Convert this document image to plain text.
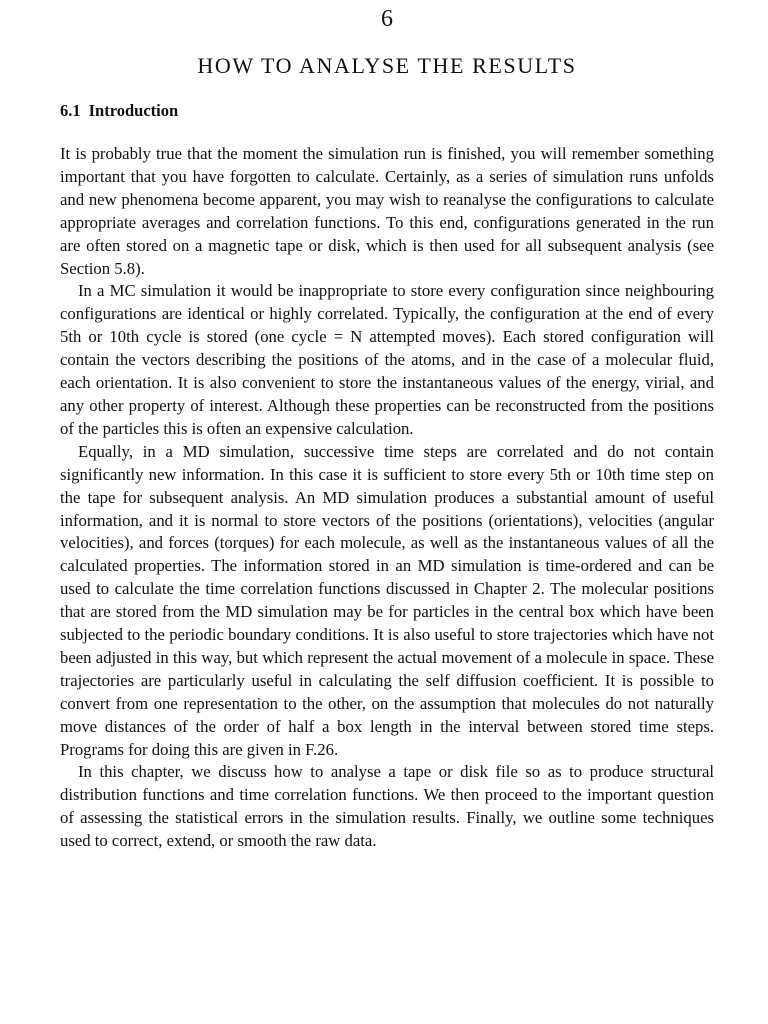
6
HOW TO ANALYSE THE RESULTS
6.1 Introduction

It is probably true that the moment the simulation run is finished, you will remember something important that you have forgotten to calculate. Certainly, as a series of simulation runs unfolds and new phenomena become apparent, you may wish to reanalyse the configurations to calculate appropriate averages and correlation functions. To this end, configurations generated in the run are often stored on a magnetic tape or disk, which is then used for all subsequent analysis (see Section 5.8).

In a MC simulation it would be inappropriate to store every configuration since neighbouring configurations are identical or highly correlated. Typically, the configuration at the end of every 5th or 10th cycle is stored (one cycle = N attempted moves). Each stored configuration will contain the vectors describing the positions of the atoms, and in the case of a molecular fluid, each orientation. It is also convenient to store the instantaneous values of the energy, virial, and any other property of interest. Although these properties can be reconstructed from the positions of the particles this is often an expensive calculation.

Equally, in a MD simulation, successive time steps are correlated and do not contain significantly new information. In this case it is sufficient to store every 5th or 10th time step on the tape for subsequent analysis. An MD simulation produces a substantial amount of useful information, and it is normal to store vectors of the positions (orientations), velocities (angular velocities), and forces (torques) for each molecule, as well as the instantaneous values of all the calculated properties. The information stored in an MD simulation is time-ordered and can be used to calculate the time correlation functions discussed in Chapter 2. The molecular positions that are stored from the MD simulation may be for particles in the central box which have been subjected to the periodic boundary conditions. It is also useful to store trajectories which have not been adjusted in this way, but which represent the actual movement of a molecule in space. These trajectories are particularly useful in calculating the self diffusion coefficient. It is possible to convert from one representation to the other, on the assumption that molecules do not naturally move distances of the order of half a box length in the interval between stored time steps. Programs for doing this are given in F.26.

In this chapter, we discuss how to analyse a tape or disk file so as to produce structural distribution functions and time correlation functions. We then proceed to the important question of assessing the statistical errors in the simulation results. Finally, we outline some techniques used to correct, extend, or smooth the raw data.
